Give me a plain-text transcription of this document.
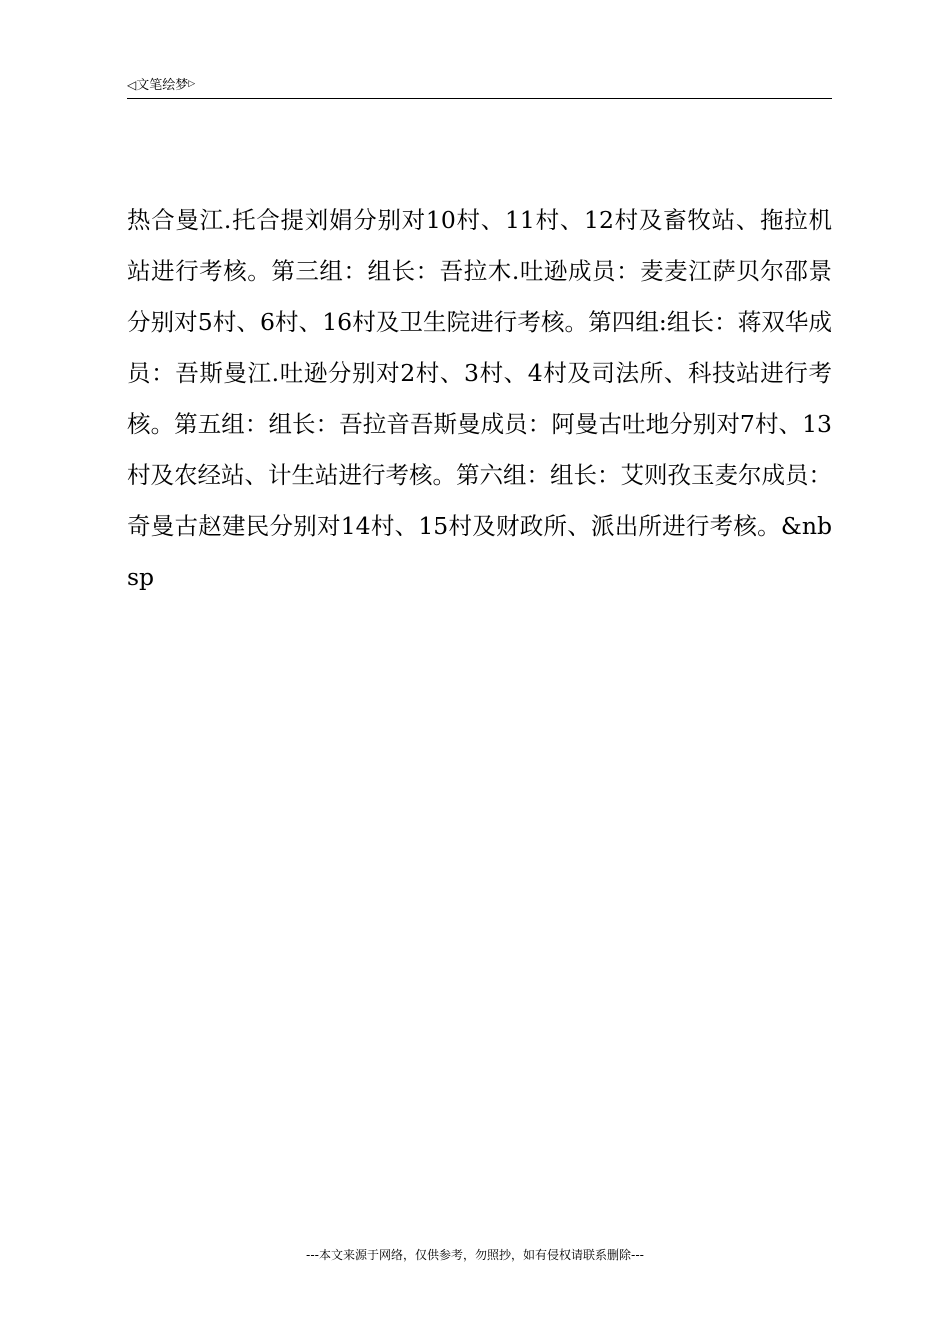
◁文笔绘梦▷

热合曼江.托合提刘娟分别对10村、11村、12村及畜牧站、拖拉机站进行考核。第三组：组长：吾拉木.吐逊成员：麦麦江萨贝尔邵景分别对5村、6村、16村及卫生院进行考核。第四组:组长：蒋双华成员：吾斯曼江.吐逊分别对2村、3村、4村及司法所、科技站进行考核。第五组：组长：吾拉音吾斯曼成员：阿曼古吐地分别对7村、13村及农经站、计生站进行考核。第六组：组长：艾则孜玉麦尔成员：奇曼古赵建民分别对14村、15村及财政所、派出所进行考核。&nbsp

---本文来源于网络，仅供参考，勿照抄，如有侵权请联系删除---
